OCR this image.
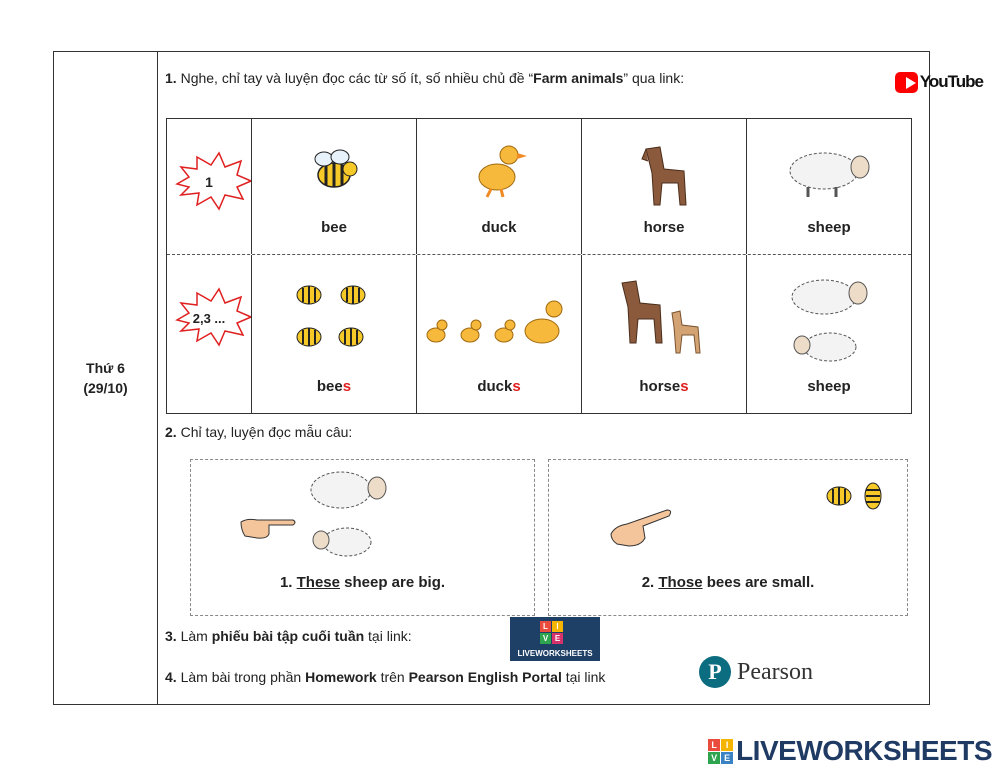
Thứ 6
(29/10)
1. Nghe, chỉ tay và luyện đọc các từ số ít, số nhiều chủ đề “Farm animals” qua link:	YouTube
1
bee	duck	horse	sheep
2,3 ...
bees	ducks	horses	sheep
2. Chỉ tay, luyện đọc mẫu câu:
1. These sheep are big.	2. Those bees are small.
3. Làm phiếu bài tập cuối tuần tại link:
L	I
V E
LIVEWORKSHEETS
4. Làm bài trong phần Homework trên Pearson English Portal tại link	P Pearson
L I
V E LIVEWORKSHEETS
